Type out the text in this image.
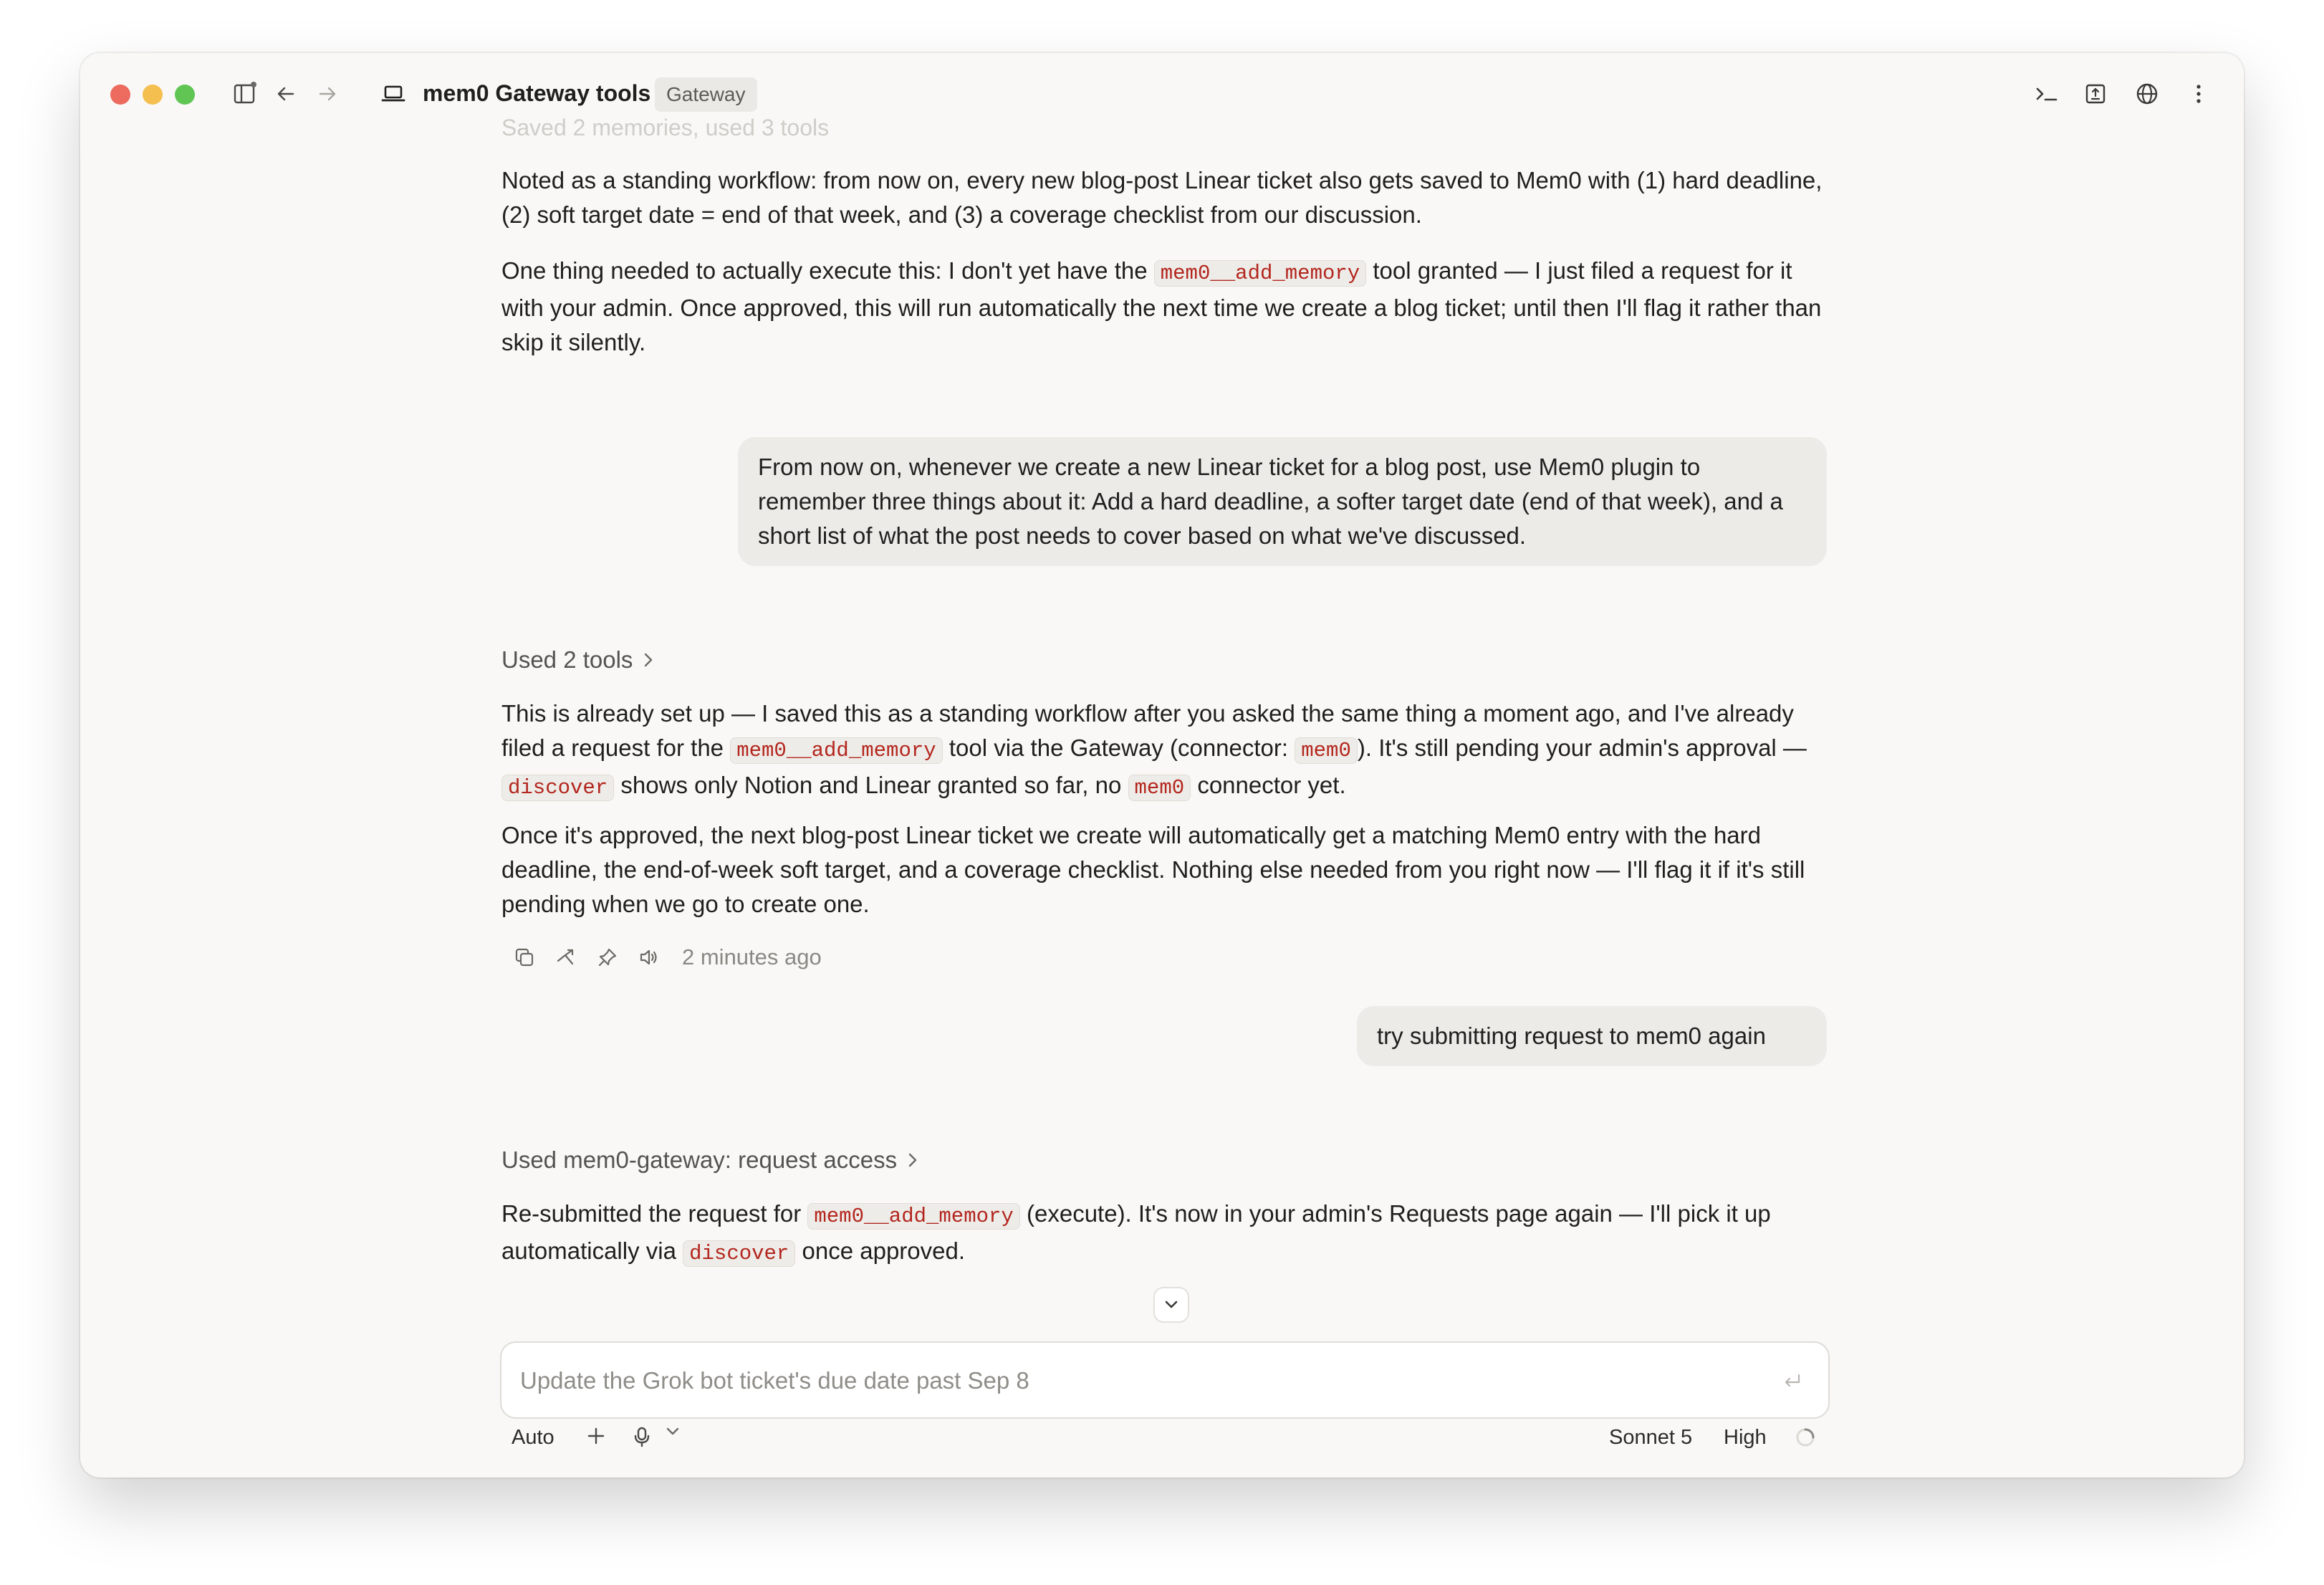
mem0 Gateway tools Gateway
Saved 2 memories, used 3 tools

Noted as a standing workflow: from now on, every new blog-post Linear ticket also gets saved to Mem0 with (1) hard deadline, (2) soft target date = end of that week, and (3) a coverage checklist from our discussion.

One thing needed to actually execute this: I don't yet have the mem0__add_memory tool granted — I just filed a request for it with your admin. Once approved, this will run automatically the next time we create a blog ticket; until then I'll flag it rather than skip it silently.

From now on, whenever we create a new Linear ticket for a blog post, use Mem0 plugin to remember three things about it: Add a hard deadline, a softer target date (end of that week), and a short list of what the post needs to cover based on what we've discussed.
Used 2 tools

This is already set up — I saved this as a standing workflow after you asked the same thing a moment ago, and I've already filed a request for the mem0__add_memory tool via the Gateway (connector: mem0 ). It's still pending your admin's approval — discover shows only Notion and Linear granted so far, no mem0 connector yet.

Once it's approved, the next blog-post Linear ticket we create will automatically get a matching Mem0 entry with the hard deadline, the end-of-week soft target, and a coverage checklist. Nothing else needed from you right now — I'll flag it if it's still pending when we go to create one.

2 minutes ago
try submitting request to mem0 again
Used mem0-gateway: request access

Re-submitted the request for mem0__add_memory (execute). It's now in your admin's Requests page again — I'll pick it up automatically via discover once approved.

Update the Grok bot ticket's due date past Sep 8
Auto	Sonnet 5 High
